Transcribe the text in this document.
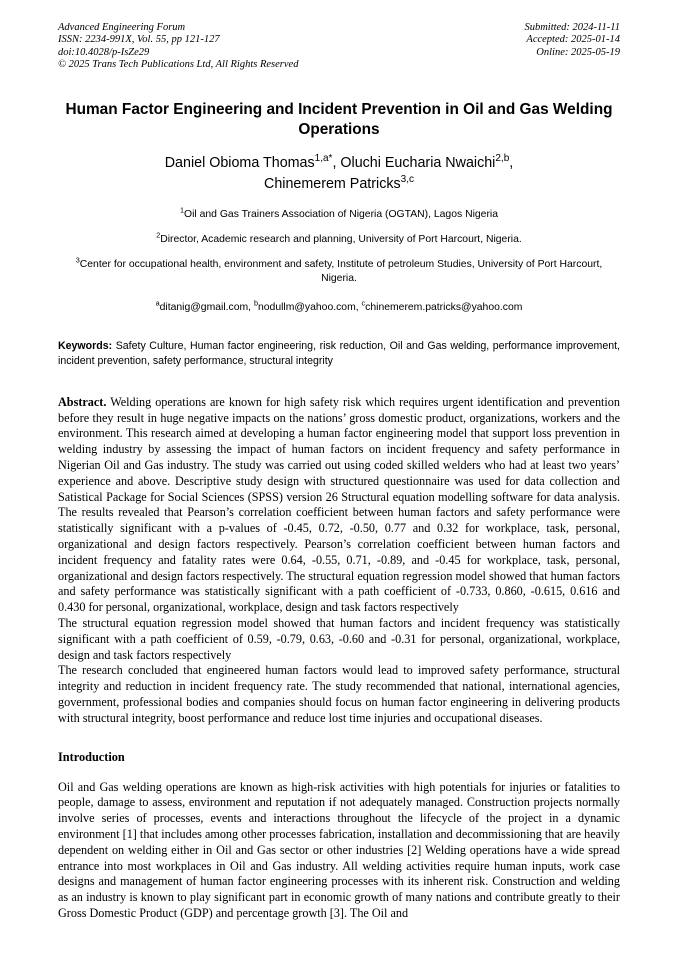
Advanced Engineering Forum
ISSN: 2234-991X, Vol. 55, pp 121-127
doi:10.4028/p-IsZe29
© 2025 Trans Tech Publications Ltd, All Rights Reserved
Submitted: 2024-11-11
Accepted: 2025-01-14
Online: 2025-05-19
Human Factor Engineering and Incident Prevention in Oil and Gas Welding Operations
Daniel Obioma Thomas$^{1,a*}$, Oluchi Eucharia Nwaichi$^{2,b}$,
Chinemerem Patricks$^{3,c}$
$^1$Oil and Gas Trainers Association of Nigeria (OGTAN), Lagos Nigeria
$^2$Director, Academic research and planning, University of Port Harcourt, Nigeria.
$^3$Center for occupational health, environment and safety, Institute of petroleum Studies, University of Port Harcourt, Nigeria.
$^a$ditanig@gmail.com, $^b$nodullm@yahoo.com, $^c$chinemerem.patricks@yahoo.com
Keywords: Safety Culture, Human factor engineering, risk reduction, Oil and Gas welding, performance improvement, incident prevention, safety performance, structural integrity

Abstract. Welding operations are known for high safety risk which requires urgent identification and prevention before they result in huge negative impacts on the nations’ gross domestic product, organizations, workers and the environment. This research aimed at developing a human factor engineering model that support loss prevention in welding industry by assessing the impact of human factors on incident frequency and safety performance in Nigerian Oil and Gas industry. The study was carried out using coded skilled welders who had at least two years’ experience and above. Descriptive study design with structured questionnaire was used for data collection and Satistical Package for Social Sciences (SPSS) version 26 Structural equation modelling software for data analysis. The results revealed that Pearson’s correlation coefficient between human factors and safety performance were statistically significant with a p-values of -0.45, 0.72, -0.50, 0.77 and 0.32 for workplace, task, personal, organizational and design factors respectively. Pearson’s correlation coefficient between human factors and incident frequency and fatality rates were 0.64, -0.55, 0.71, -0.89, and -0.45 for workplace, task, personal, organizational and design factors respectively. The structural equation regression model showed that human factors and safety performance was statistically significant with a path coefficient of -0.733, 0.860, -0.615, 0.616 and 0.430 for personal, organizational, workplace, design and task factors respectively

The structural equation regression model showed that human factors and incident frequency was statistically significant with a path coefficient of 0.59, -0.79, 0.63, -0.60 and -0.31 for personal, organizational, workplace, design and task factors respectively

The research concluded that engineered human factors would lead to improved safety performance, structural integrity and reduction in incident frequency rate. The study recommended that national, international agencies, government, professional bodies and companies should focus on human factor engineering in delivering products with structural integrity, boost performance and reduce lost time injuries and occupational diseases.

Introduction

Oil and Gas welding operations are known as high-risk activities with high potentials for injuries or fatalities to people, damage to assess, environment and reputation if not adequately managed. Construction projects normally involve series of processes, events and interactions throughout the lifecycle of the project in a dynamic environment [1] that includes among other processes fabrication, installation and decommissioning that are heavily dependent on welding either in Oil and Gas sector or other industries [2] Welding operations have a wide spread entrance into most workplaces in Oil and Gas industry. All welding activities require human inputs, work case designs and management of human factor engineering processes with its inherent risk. Construction and welding as an industry is known to play significant part in economic growth of many nations and contribute greatly to their Gross Domestic Product (GDP) and percentage growth [3]. The Oil and
